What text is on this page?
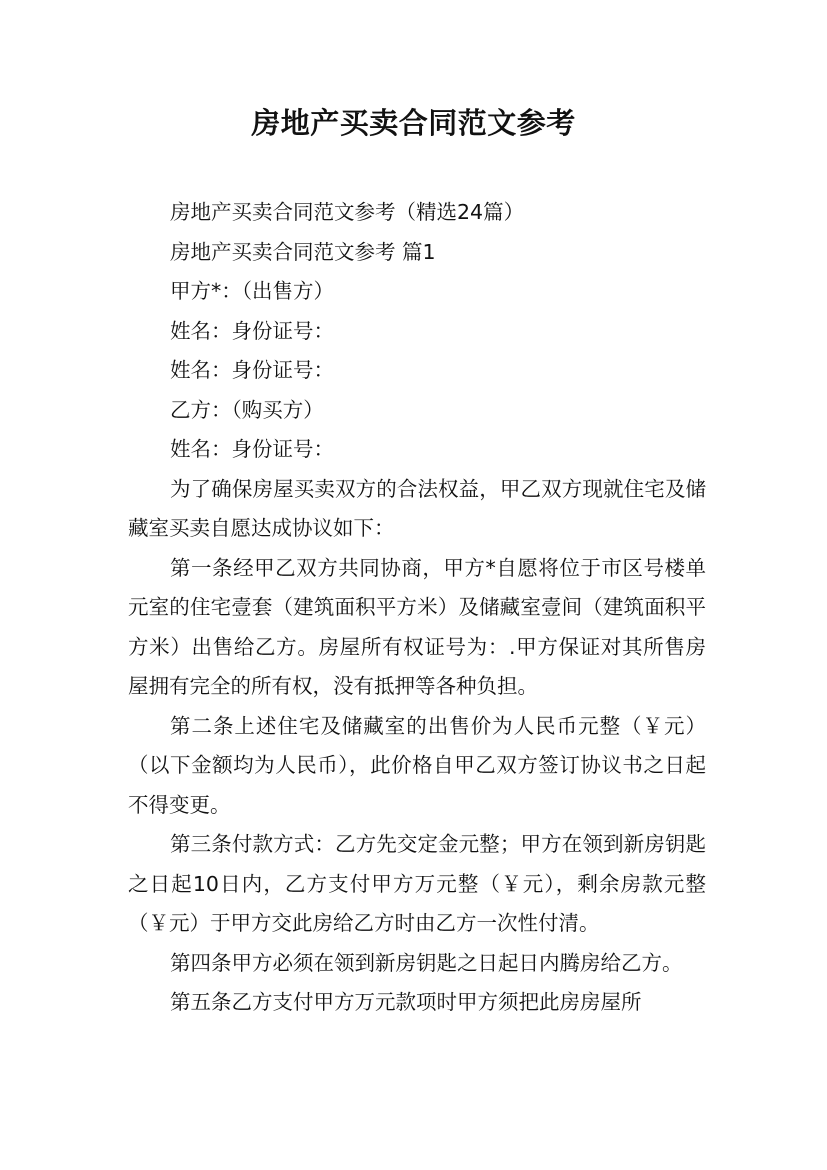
房地产买卖合同范文参考

房地产买卖合同范文参考（精选24篇）

房地产买卖合同范文参考 篇1

甲方*：（出售方）

姓名：身份证号：

姓名：身份证号：

乙方：（购买方）

姓名：身份证号：

为了确保房屋买卖双方的合法权益，甲乙双方现就住宅及储藏室买卖自愿达成协议如下：

第一条经甲乙双方共同协商，甲方*自愿将位于市区号楼单元室的住宅壹套（建筑面积平方米）及储藏室壹间（建筑面积平方米）出售给乙方。房屋所有权证号为：.甲方保证对其所售房屋拥有完全的所有权，没有抵押等各种负担。

第二条上述住宅及储藏室的出售价为人民币元整（￥元）（以下金额均为人民币），此价格自甲乙双方签订协议书之日起不得变更。

第三条付款方式：乙方先交定金元整；甲方在领到新房钥匙之日起10日内，乙方支付甲方万元整（￥元），剩余房款元整（￥元）于甲方交此房给乙方时由乙方一次性付清。

第四条甲方必须在领到新房钥匙之日起日内腾房给乙方。

第五条乙方支付甲方万元款项时甲方须把此房房屋所
